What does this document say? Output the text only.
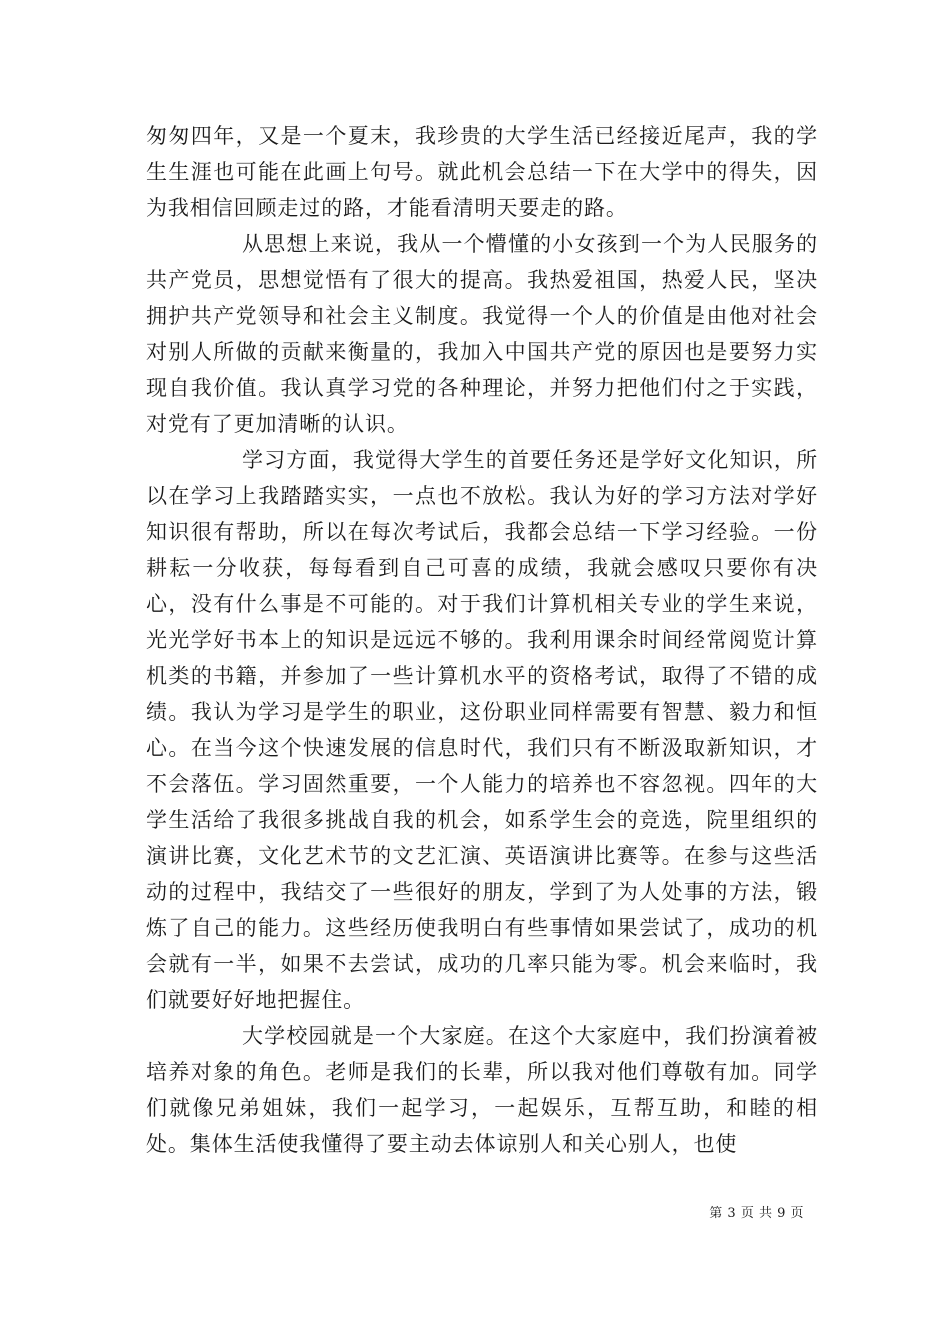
匆匆四年，又是一个夏末，我珍贵的大学生活已经接近尾声，我的学生生涯也可能在此画上句号。就此机会总结一下在大学中的得失，因为我相信回顾走过的路，才能看清明天要走的路。

从思想上来说，我从一个懵懂的小女孩到一个为人民服务的共产党员，思想觉悟有了很大的提高。我热爱祖国，热爱人民，坚决拥护共产党领导和社会主义制度。我觉得一个人的价值是由他对社会对别人所做的贡献来衡量的，我加入中国共产党的原因也是要努力实现自我价值。我认真学习党的各种理论，并努力把他们付之于实践，对党有了更加清晰的认识。

学习方面，我觉得大学生的首要任务还是学好文化知识，所以在学习上我踏踏实实，一点也不放松。我认为好的学习方法对学好知识很有帮助，所以在每次考试后，我都会总结一下学习经验。一份耕耘一分收获，每每看到自己可喜的成绩，我就会感叹只要你有决心，没有什么事是不可能的。对于我们计算机相关专业的学生来说，光光学好书本上的知识是远远不够的。我利用课余时间经常阅览计算机类的书籍，并参加了一些计算机水平的资格考试，取得了不错的成绩。我认为学习是学生的职业，这份职业同样需要有智慧、毅力和恒心。在当今这个快速发展的信息时代，我们只有不断汲取新知识，才不会落伍。学习固然重要，一个人能力的培养也不容忽视。四年的大学生活给了我很多挑战自我的机会，如系学生会的竞选，院里组织的演讲比赛，文化艺术节的文艺汇演、英语演讲比赛等。在参与这些活动的过程中，我结交了一些很好的朋友，学到了为人处事的方法，锻炼了自己的能力。这些经历使我明白有些事情如果尝试了，成功的机会就有一半，如果不去尝试，成功的几率只能为零。机会来临时，我们就要好好地把握住。

大学校园就是一个大家庭。在这个大家庭中，我们扮演着被培养对象的角色。老师是我们的长辈，所以我对他们尊敬有加。同学们就像兄弟姐妹，我们一起学习，一起娱乐，互帮互助，和睦的相处。集体生活使我懂得了要主动去体谅别人和关心别人，也使

第 3 页 共 9 页
